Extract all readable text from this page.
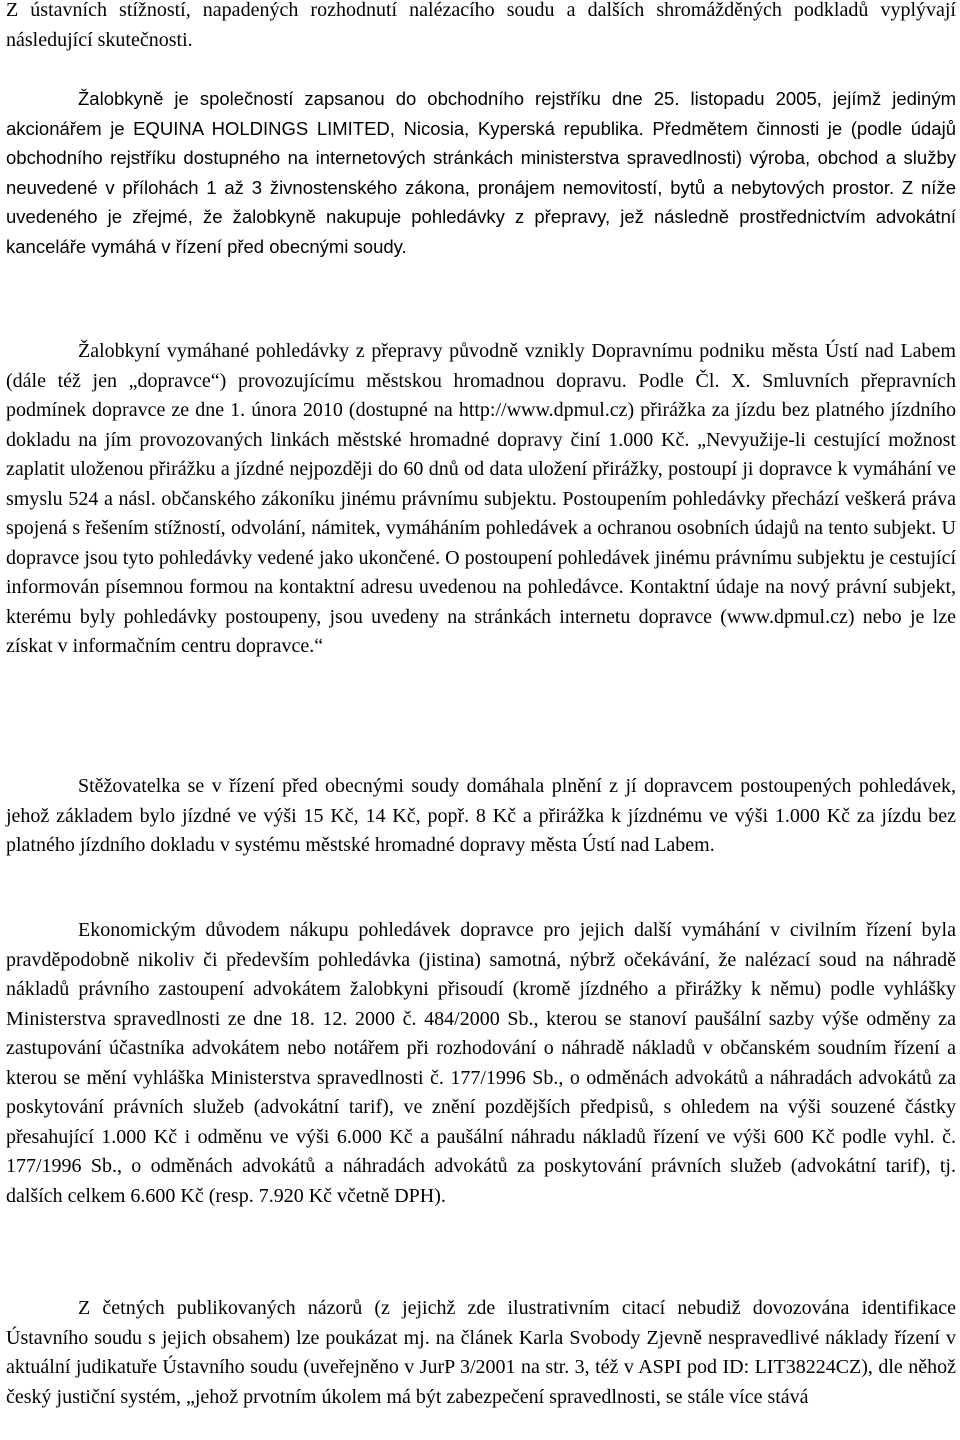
Z ústavních stížností, napadených rozhodnutí nalézacího soudu a dalších shromážděných podkladů vyplývají následující skutečnosti.

Žalobkyně je společností zapsanou do obchodního rejstříku dne 25. listopadu 2005, jejímž jediným akcionářem je EQUINA HOLDINGS LIMITED, Nicosia, Kyperská republika. Předmětem činnosti je (podle údajů obchodního rejstříku dostupného na internetových stránkách ministerstva spravedlnosti) výroba, obchod a služby neuvedené v přílohách 1 až 3 živnostenského zákona, pronájem nemovitostí, bytů a nebytových prostor. Z níže uvedeného je zřejmé, že žalobkyně nakupuje pohledávky z přepravy, jež následně prostřednictvím advokátní kanceláře vymáhá v řízení před obecnými soudy.

Žalobkyní vymáhané pohledávky z přepravy původně vznikly Dopravnímu podniku města Ústí nad Labem (dále též jen „dopravce“) provozujícímu městskou hromadnou dopravu. Podle Čl. X. Smluvních přepravních podmínek dopravce ze dne 1. února 2010 (dostupné na http://www.dpmul.cz) přirážka za jízdu bez platného jízdního dokladu na jím provozovaných linkách městské hromadné dopravy činí 1.000 Kč. „Nevyužije-li cestující možnost zaplatit uloženou přirážku a jízdné nejpozději do 60 dnů od data uložení přirážky, postoupí ji dopravce k vymáhání ve smyslu 524 a násl. občanského zákoníku jinému právnímu subjektu. Postoupením pohledávky přechází veškerá práva spojená s řešením stížností, odvolání, námitek, vymáháním pohledávek a ochranou osobních údajů na tento subjekt. U dopravce jsou tyto pohledávky vedené jako ukončené. O postoupení pohledávek jinému právnímu subjektu je cestující informován písemnou formou na kontaktní adresu uvedenou na pohledávce. Kontaktní údaje na nový právní subjekt, kterému byly pohledávky postoupeny, jsou uvedeny na stránkách internetu dopravce (www.dpmul.cz) nebo je lze získat v informačním centru dopravce.“

Stěžovatelka se v řízení před obecnými soudy domáhala plnění z jí dopravcem postoupených pohledávek, jehož základem bylo jízdné ve výši 15 Kč, 14 Kč, popř. 8 Kč a přirážka k jízdnému ve výši 1.000 Kč za jízdu bez platného jízdního dokladu v systému městské hromadné dopravy města Ústí nad Labem.

Ekonomickým důvodem nákupu pohledávek dopravce pro jejich další vymáhání v civilním řízení byla pravděpodobně nikoliv či především pohledávka (jistina) samotná, nýbrž očekávání, že nalézací soud na náhradě nákladů právního zastoupení advokátem žalobkyni přisoudí (kromě jízdného a přirážky k němu) podle vyhlášky Ministerstva spravedlnosti ze dne 18. 12. 2000 č. 484/2000 Sb., kterou se stanoví paušální sazby výše odměny za zastupování účastníka advokátem nebo notářem při rozhodování o náhradě nákladů v občanském soudním řízení a kterou se mění vyhláška Ministerstva spravedlnosti č. 177/1996 Sb., o odměnách advokátů a náhradách advokátů za poskytování právních služeb (advokátní tarif), ve znění pozdějších předpisů, s ohledem na výši souzené částky přesahující 1.000 Kč i odměnu ve výši 6.000 Kč a paušální náhradu nákladů řízení ve výši 600 Kč podle vyhl. č. 177/1996 Sb., o odměnách advokátů a náhradách advokátů za poskytování právních služeb (advokátní tarif), tj. dalších celkem 6.600 Kč (resp. 7.920 Kč včetně DPH).

Z četných publikovaných názorů (z jejichž zde ilustrativním citací nebudiž dovozována identifikace Ústavního soudu s jejich obsahem) lze poukázat mj. na článek Karla Svobody Zjevně nespravedlivé náklady řízení v aktuální judikatuře Ústavního soudu (uveřejněno v JurP 3/2001 na str. 3, též v ASPI pod ID: LIT38224CZ), dle něhož český justiční systém, „jehož prvotním úkolem má být zabezpečení spravedlnosti, se stále více stává
